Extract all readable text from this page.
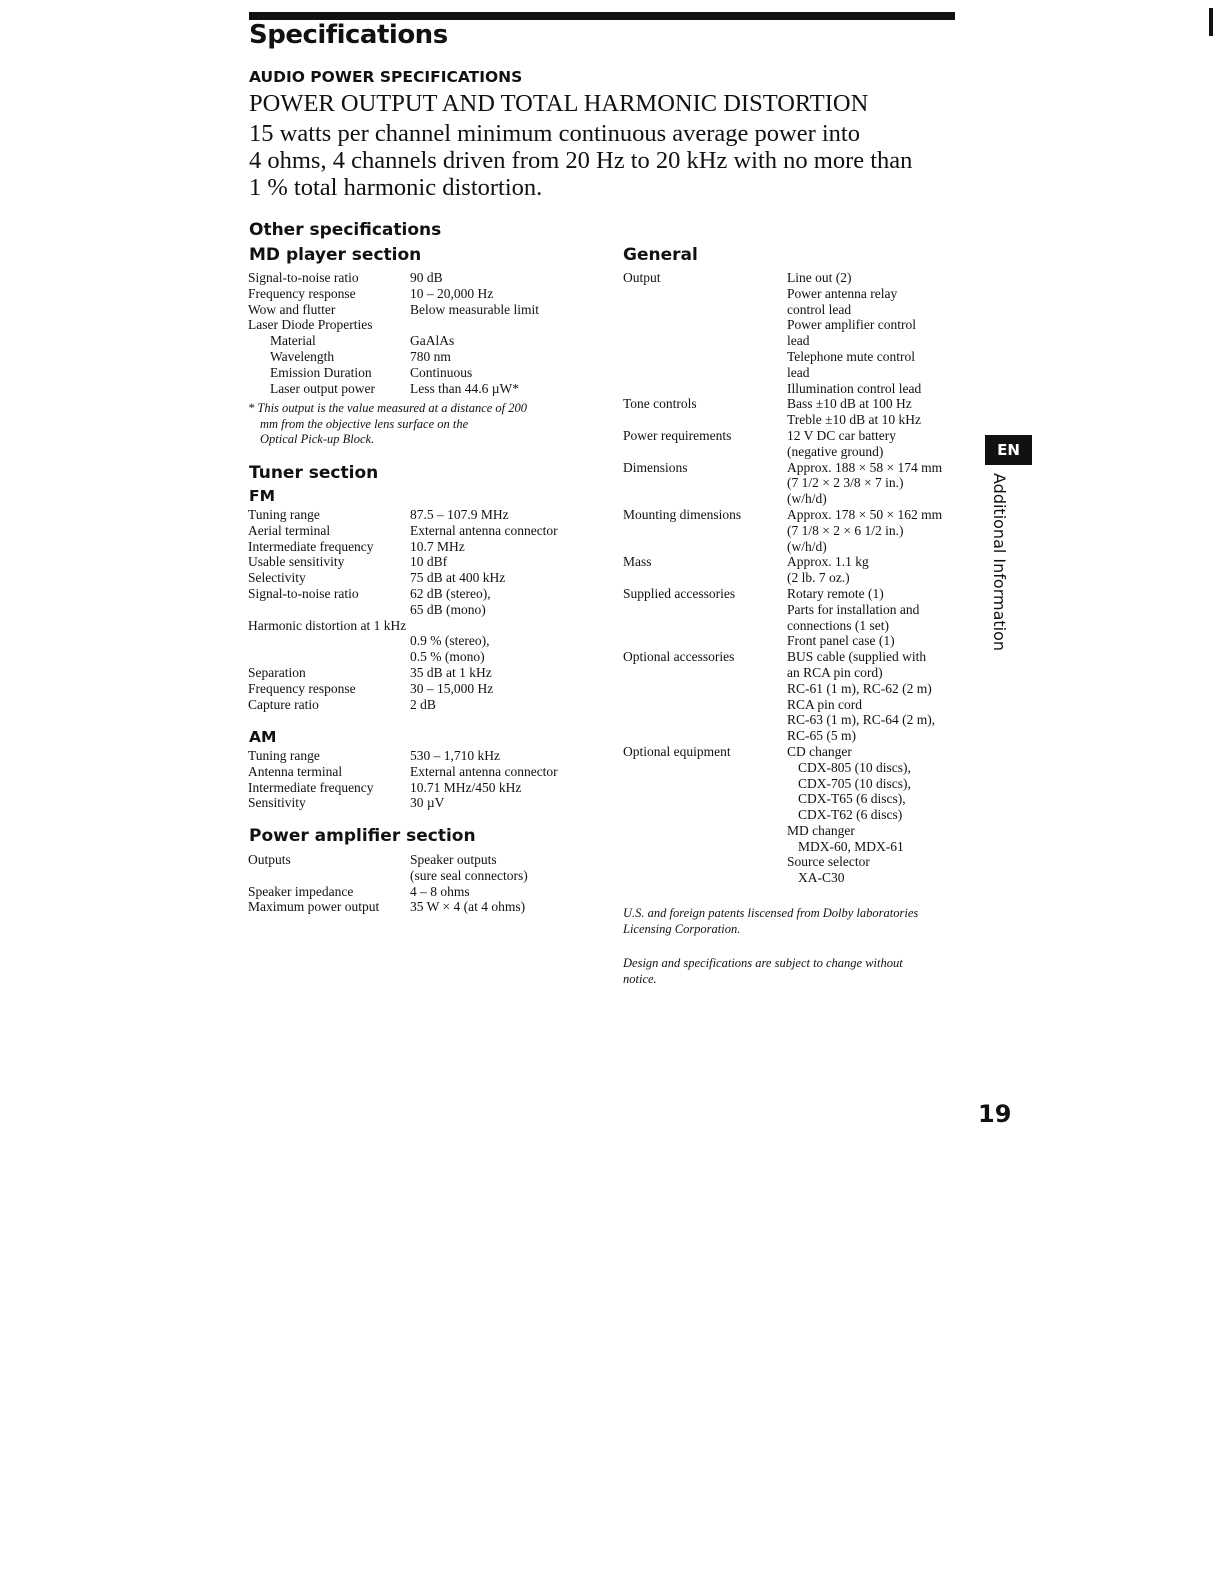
Specifications
AUDIO POWER SPECIFICATIONS

POWER OUTPUT AND TOTAL HARMONIC DISTORTION

15 watts per channel minimum continuous average power into

4 ohms, 4 channels driven from 20 Hz to 20 kHz with no more than

1 % total harmonic distortion.

Other specifications
MD player section
Signal-to-noise ratio	90 dB
Frequency response	10 – 20,000 Hz
Wow and flutter	Below measurable limit
Laser Diode Properties
Material	GaAlAs
Wavelength	780 nm
Emission Duration	Continuous
Laser output power	Less than 44.6 µW*
* This output is the value measured at a distance of 200
mm from the objective lens surface on the
Optical Pick-up Block.
Tuner section
FM
Tuning range	87.5 – 107.9 MHz
Aerial terminal	External antenna connector
Intermediate frequency	10.7 MHz
Usable sensitivity	10 dBf
Selectivity	75 dB at 400 kHz
Signal-to-noise ratio	62 dB (stereo),
65 dB (mono)
Harmonic distortion at 1 kHz
0.9 % (stereo),
0.5 % (mono)
Separation	35 dB at 1 kHz
Frequency response	30 – 15,000 Hz
Capture ratio	2 dB
AM
Tuning range	530 – 1,710 kHz
Antenna terminal	External antenna connector
Intermediate frequency	10.71 MHz/450 kHz
Sensitivity	30 µV
Power amplifier section
Outputs	Speaker outputs
(sure seal connectors)
Speaker impedance	4 – 8 ohms
Maximum power output 35 W × 4 (at 4 ohms)
General
Output	Line out (2)
Power antenna relay
control lead
Power amplifier control
lead
Telephone mute control
lead
Illumination control lead
Tone controls	Bass ±10 dB at 100 Hz
Treble ±10 dB at 10 kHz
Power requirements	12 V DC car battery
(negative ground)
Dimensions	Approx. 188 × 58 × 174 mm
(7 1/2 × 2 3/8 × 7 in.)
(w/h/d)
Mounting dimensions	Approx. 178 × 50 × 162 mm
(7 1/8 × 2 × 6 1/2 in.)
(w/h/d)
Mass	Approx. 1.1 kg
(2 lb. 7 oz.)
Supplied accessories	Rotary remote (1)
Parts for installation and
connections (1 set)
Front panel case (1)
Optional accessories	BUS cable (supplied with
an RCA pin cord)
RC-61 (1 m), RC-62 (2 m)
RCA pin cord
RC-63 (1 m), RC-64 (2 m),
RC-65 (5 m)
Optional equipment	CD changer
CDX-805 (10 discs),
CDX-705 (10 discs),
CDX-T65 (6 discs),
CDX-T62 (6 discs)
MD changer
MDX-60, MDX-61
Source selector
XA-C30
U.S. and foreign patents liscensed from Dolby laboratories
Licensing Corporation.
Design and specifications are subject to change without
notice.
EN
Additional Information

19
